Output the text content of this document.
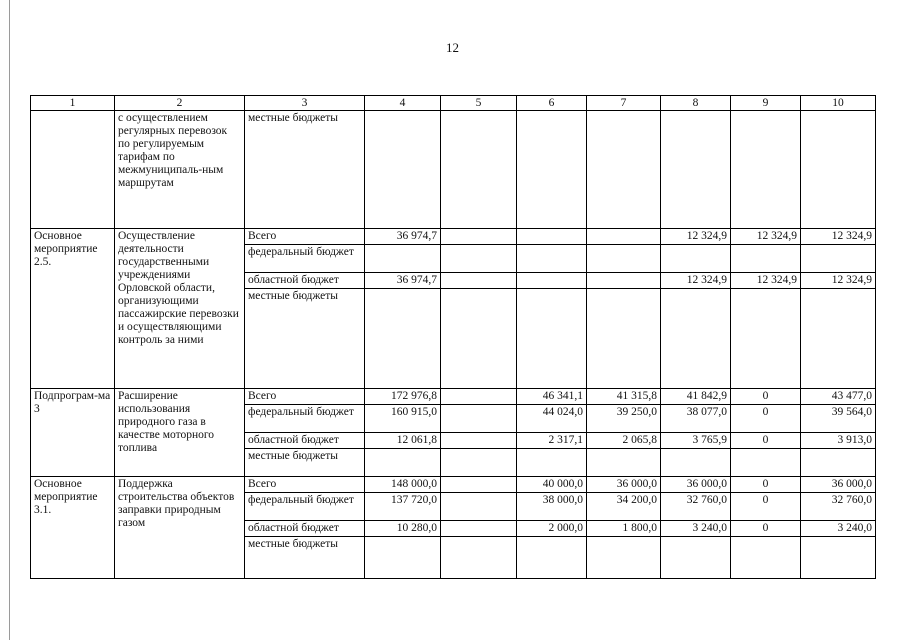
12
1	2	3	4	5	6	7	8	9	10
	с осуществлением регулярных перевозок по регулируемым тарифам по межмуниципаль-ным маршрутам	местные бюджеты							
Основное мероприятие 2.5.	Осуществление деятельности государственными учреждениями Орловской области, организующими пассажирские перевозки и осуществляющими контроль за ними	Всего	36 974,7				12 324,9	12 324,9	12 324,9
		федеральный бюджет							
		областной бюджет	36 974,7				12 324,9	12 324,9	12 324,9
		местные бюджеты							
Подпрограм-ма 3	Расширение использования природного газа в качестве моторного топлива	Всего	172 976,8		46 341,1	41 315,8	41 842,9	0	43 477,0
		федеральный бюджет	160 915,0		44 024,0	39 250,0	38 077,0	0	39 564,0
		областной бюджет	12 061,8		2 317,1	2 065,8	3 765,9	0	3 913,0
		местные бюджеты							
Основное мероприятие 3.1.	Поддержка строительства объектов заправки природным газом	Всего	148 000,0		40 000,0	36 000,0	36 000,0	0	36 000,0
		федеральный бюджет	137 720,0		38 000,0	34 200,0	32 760,0	0	32 760,0
		областной бюджет	10 280,0		2 000,0	1 800,0	3 240,0	0	3 240,0
		местные бюджеты							
